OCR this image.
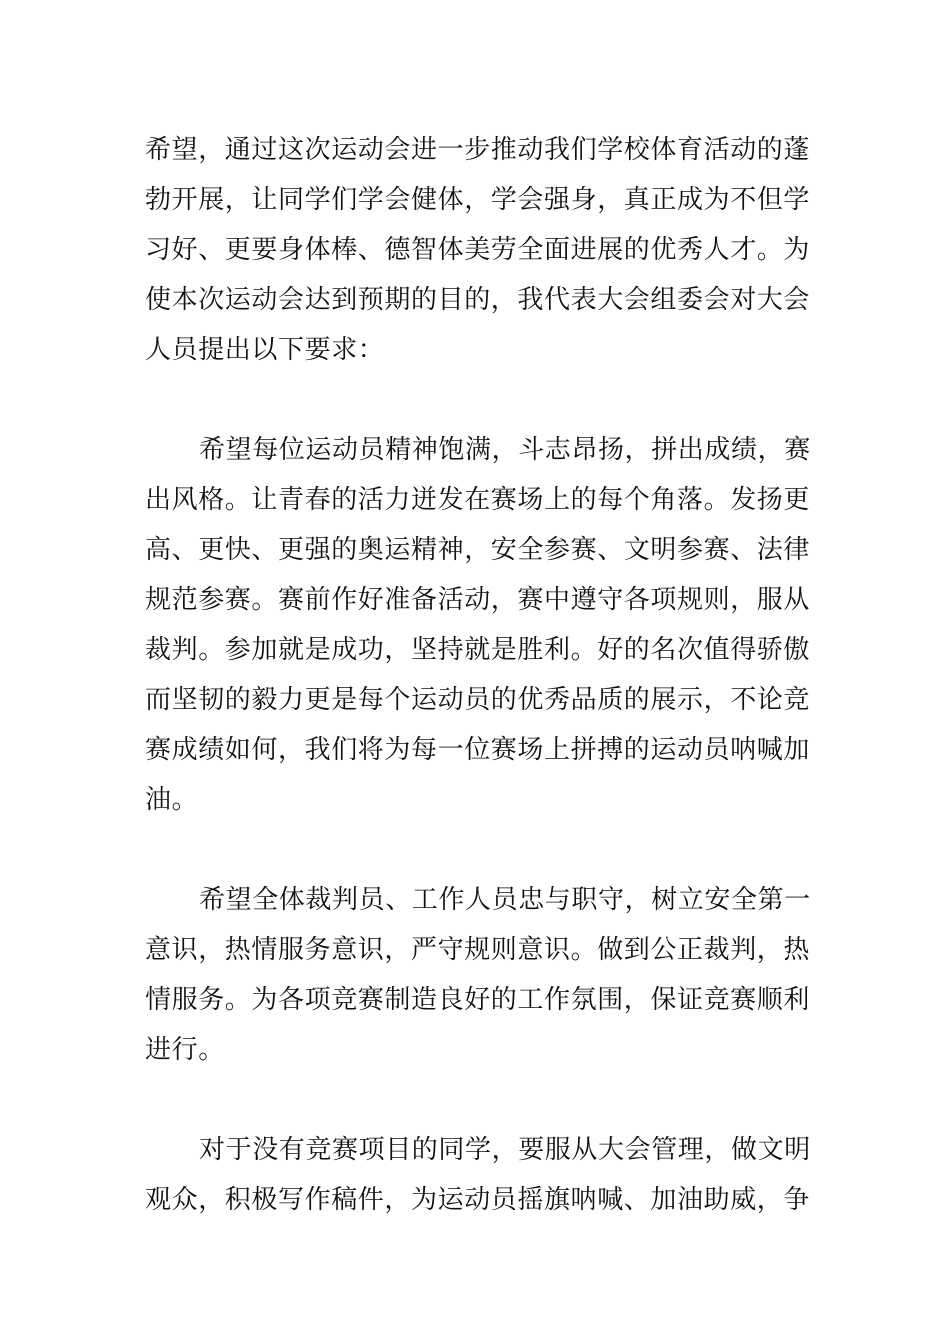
希望，通过这次运动会进一步推动我们学校体育活动的蓬
勃开展，让同学们学会健体，学会强身，真正成为不但学
习好、更要身体棒、德智体美劳全面进展的优秀人才。为
使本次运动会达到预期的目的，我代表大会组委会对大会
人员提出以下要求：
希望每位运动员精神饱满，斗志昂扬，拼出成绩，赛
出风格。让青春的活力迸发在赛场上的每个角落。发扬更
高、更快、更强的奥运精神，安全参赛、文明参赛、法律
规范参赛。赛前作好准备活动，赛中遵守各项规则，服从
裁判。参加就是成功，坚持就是胜利。好的名次值得骄傲
而坚韧的毅力更是每个运动员的优秀品质的展示，不论竞
赛成绩如何，我们将为每一位赛场上拼搏的运动员呐喊加
油。
希望全体裁判员、工作人员忠与职守，树立安全第一
意识，热情服务意识，严守规则意识。做到公正裁判，热
情服务。为各项竞赛制造良好的工作氛围，保证竞赛顺利
进行。
对于没有竞赛项目的同学，要服从大会管理，做文明
观众，积极写作稿件，为运动员摇旗呐喊、加油助威，争
